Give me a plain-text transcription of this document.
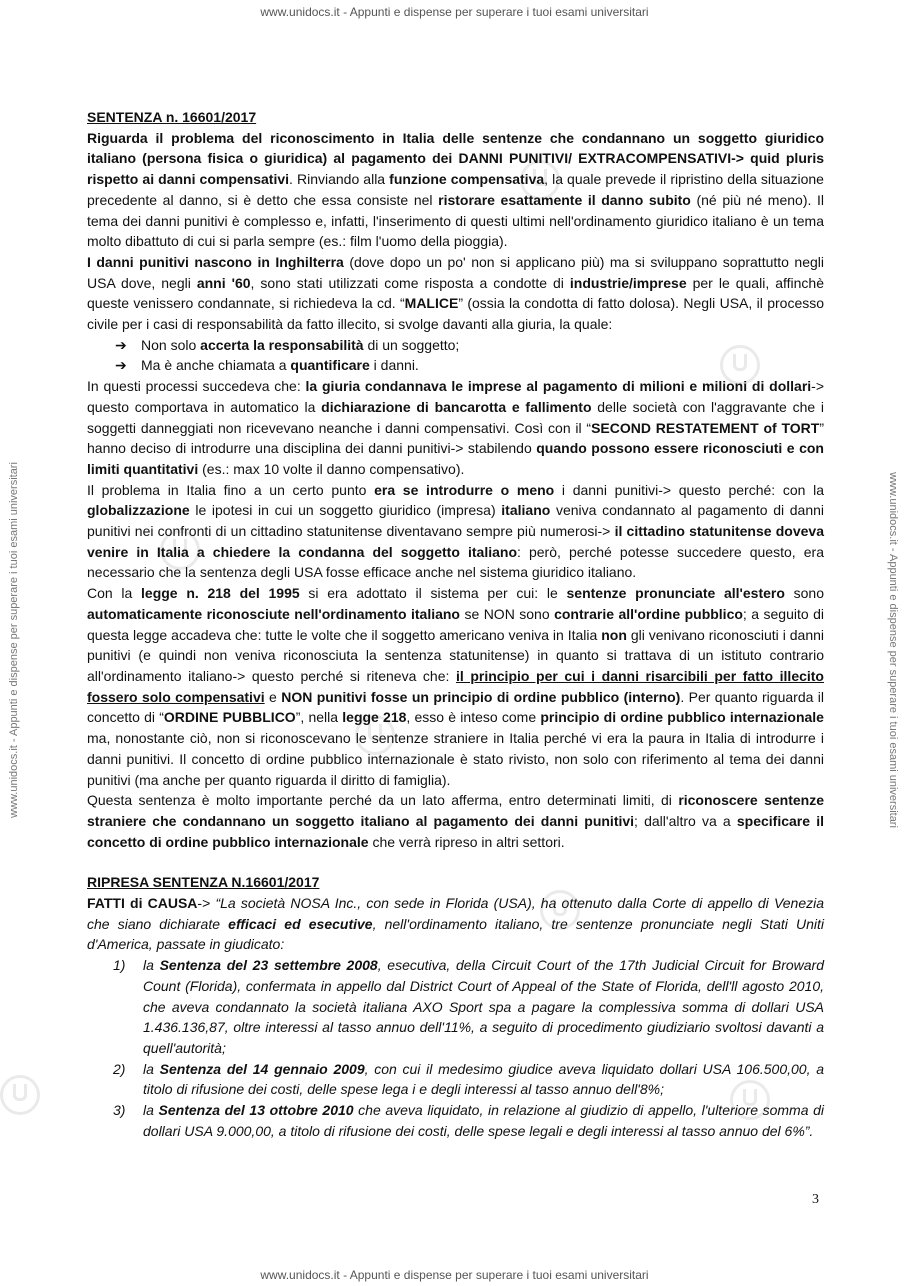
www.unidocs.it - Appunti e dispense per superare i tuoi esami universitari
www.unidocs.it - Appunti e dispense per superare i tuoi esami universitari
www.unidocs.it - Appunti e dispense per superare i tuoi esami universitari	www.unidocs.it - Appunti e dispense per superare i tuoi esami universitari

SENTENZA n. 16601/2017

Riguarda il problema del riconoscimento in Italia delle sentenze che condannano un soggetto giuridico italiano (persona fisica o giuridica) al pagamento dei DANNI PUNITIVI/ EXTRACOMPENSATIVI-> quid pluris rispetto ai danni compensativi. Rinviando alla funzione compensativa, la quale prevede il ripristino della situazione precedente al danno, si è detto che essa consiste nel ristorare esattamente il danno subito (né più né meno). Il tema dei danni punitivi è complesso e, infatti, l'inserimento di questi ultimi nell'ordinamento giuridico italiano è un tema molto dibattuto di cui si parla sempre (es.: film l'uomo della pioggia).

I danni punitivi nascono in Inghilterra (dove dopo un po' non si applicano più) ma si sviluppano soprattutto negli USA dove, negli anni '60, sono stati utilizzati come risposta a condotte di industrie/imprese per le quali, affinchè queste venissero condannate, si richiedeva la cd. “MALICE” (ossia la condotta di fatto dolosa). Negli USA, il processo civile per i casi di responsabilità da fatto illecito, si svolge davanti alla giuria, la quale:

➔ Non solo accerta la responsabilità di un soggetto;
➔ Ma è anche chiamata a quantificare i danni.

In questi processi succedeva che: la giuria condannava le imprese al pagamento di milioni e milioni di dollari-> questo comportava in automatico la dichiarazione di bancarotta e fallimento delle società con l'aggravante che i soggetti danneggiati non ricevevano neanche i danni compensativi. Così con il “SECOND RESTATEMENT of TORT” hanno deciso di introdurre una disciplina dei danni punitivi-> stabilendo quando possono essere riconosciuti e con limiti quantitativi (es.: max 10 volte il danno compensativo).

Il problema in Italia fino a un certo punto era se introdurre o meno i danni punitivi-> questo perché: con la globalizzazione le ipotesi in cui un soggetto giuridico (impresa) italiano veniva condannato al pagamento di danni punitivi nei confronti di un cittadino statunitense diventavano sempre più numerosi-> il cittadino statunitense doveva venire in Italia a chiedere la condanna del soggetto italiano: però, perché potesse succedere questo, era necessario che la sentenza degli USA fosse efficace anche nel sistema giuridico italiano.

Con la legge n. 218 del 1995 si era adottato il sistema per cui: le sentenze pronunciate all'estero sono automaticamente riconosciute nell'ordinamento italiano se NON sono contrarie all'ordine pubblico; a seguito di questa legge accadeva che: tutte le volte che il soggetto americano veniva in Italia non gli venivano riconosciuti i danni punitivi (e quindi non veniva riconosciuta la sentenza statunitense) in quanto si trattava di un istituto contrario all'ordinamento italiano-> questo perché si riteneva che: il principio per cui i danni risarcibili per fatto illecito fossero solo compensativi e NON punitivi fosse un principio di ordine pubblico (interno). Per quanto riguarda il concetto di “ORDINE PUBBLICO”, nella legge 218, esso è inteso come principio di ordine pubblico internazionale ma, nonostante ciò, non si riconoscevano le sentenze straniere in Italia perché vi era la paura in Italia di introdurre i danni punitivi. Il concetto di ordine pubblico internazionale è stato rivisto, non solo con riferimento al tema dei danni punitivi (ma anche per quanto riguarda il diritto di famiglia).

Questa sentenza è molto importante perché da un lato afferma, entro determinati limiti, di riconoscere sentenze straniere che condannano un soggetto italiano al pagamento dei danni punitivi; dall'altro va a specificare il concetto di ordine pubblico internazionale che verrà ripreso in altri settori.

RIPRESA SENTENZA N.16601/2017

FATTI di CAUSA-> “La società NOSA Inc., con sede in Florida (USA), ha ottenuto dalla Corte di appello di Venezia che siano dichiarate efficaci ed esecutive, nell'ordinamento italiano, tre sentenze pronunciate negli Stati Uniti d'America, passate in giudicato:

1) la Sentenza del 23 settembre 2008, esecutiva, della Circuit Court of the 17th Judicial Circuit for Broward Count (Florida), confermata in appello dal District Court of Appeal of the State of Florida, dell'll agosto 2010, che aveva condannato la società italiana AXO Sport spa a pagare la complessiva somma di dollari USA 1.436.136,87, oltre interessi al tasso annuo dell'11%, a seguito di procedimento giudiziario svoltosi davanti a quell'autorità;
2) la Sentenza del 14 gennaio 2009, con cui il medesimo giudice aveva liquidato dollari USA 106.500,00, a titolo di rifusione dei costi, delle spese lega i e degli interessi al tasso annuo dell'8%;
3) la Sentenza del 13 ottobre 2010 che aveva liquidato, in relazione al giudizio di appello, l'ulteriore somma di dollari USA 9.000,00, a titolo di rifusione dei costi, delle spese legali e degli interessi al tasso annuo del 6%”.
3
